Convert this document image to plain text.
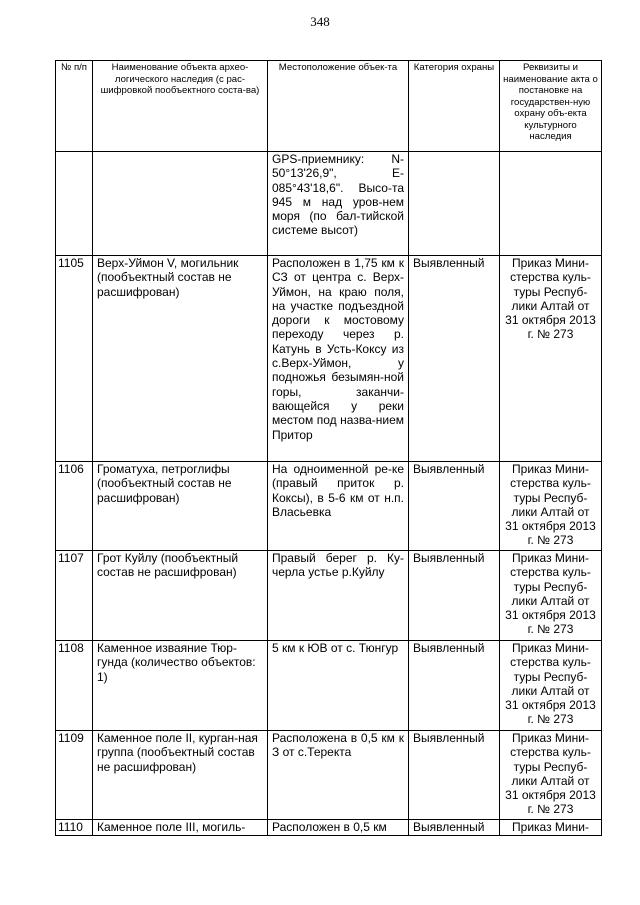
348
№ п/п	Наименование объекта архео-логического наследия (с рас-шифровкой пообъектного соста-ва)	Местоположение объек-та	Категория охраны	Реквизиты и наименование акта о постановке на государствен-ную охрану объ-екта культурного наследия
		GPS-приемнику: N-50°13'26,9", E-085°43'18,6". Высо-та 945 м над уров-нем моря (по бал-тийской системе высот)		
1105	Верх-Уймон V, могильник (пообъектный состав не расшифрован)	Расположен в 1,75 км к СЗ от центра с. Верх-Уймон, на краю поля, на участке подъездной дороги к мостовому переходу через р. Катунь в Усть-Коксу из с.Верх-Уймон, у подножья безымян-ной горы, заканчи-вающейся у реки местом под назва-нием Притор	Выявленный	Приказ Мини-стерства куль-туры Респуб-лики Алтай от 31 октября 2013 г. № 273
1106	Громатуха, петроглифы (пообъектный состав не расшифрован)	На одноименной ре-ке (правый приток р. Коксы), в 5-6 км от н.п. Власьевка	Выявленный	Приказ Мини-стерства куль-туры Респуб-лики Алтай от 31 октября 2013 г. № 273
1107	Грот Куйлу (пообъектный состав не расшифрован)	Правый берег р. Ку-черла устье р.Куйлу	Выявленный	Приказ Мини-стерства куль-туры Респуб-лики Алтай от 31 октября 2013 г. № 273
1108	Каменное изваяние Тюр-гунда (количество объектов: 1)	5 км к ЮВ от с. Тюнгур	Выявленный	Приказ Мини-стерства куль-туры Респуб-лики Алтай от 31 октября 2013 г. № 273
1109	Каменное поле II, курган-ная группа (пообъектный состав не расшифрован)	Расположена в 0,5 км к З от с.Теректа	Выявленный	Приказ Мини-стерства куль-туры Респуб-лики Алтай от 31 октября 2013 г. № 273
1110	Каменное поле III, могиль-	Расположен в 0,5 км	Выявленный	Приказ Мини-
